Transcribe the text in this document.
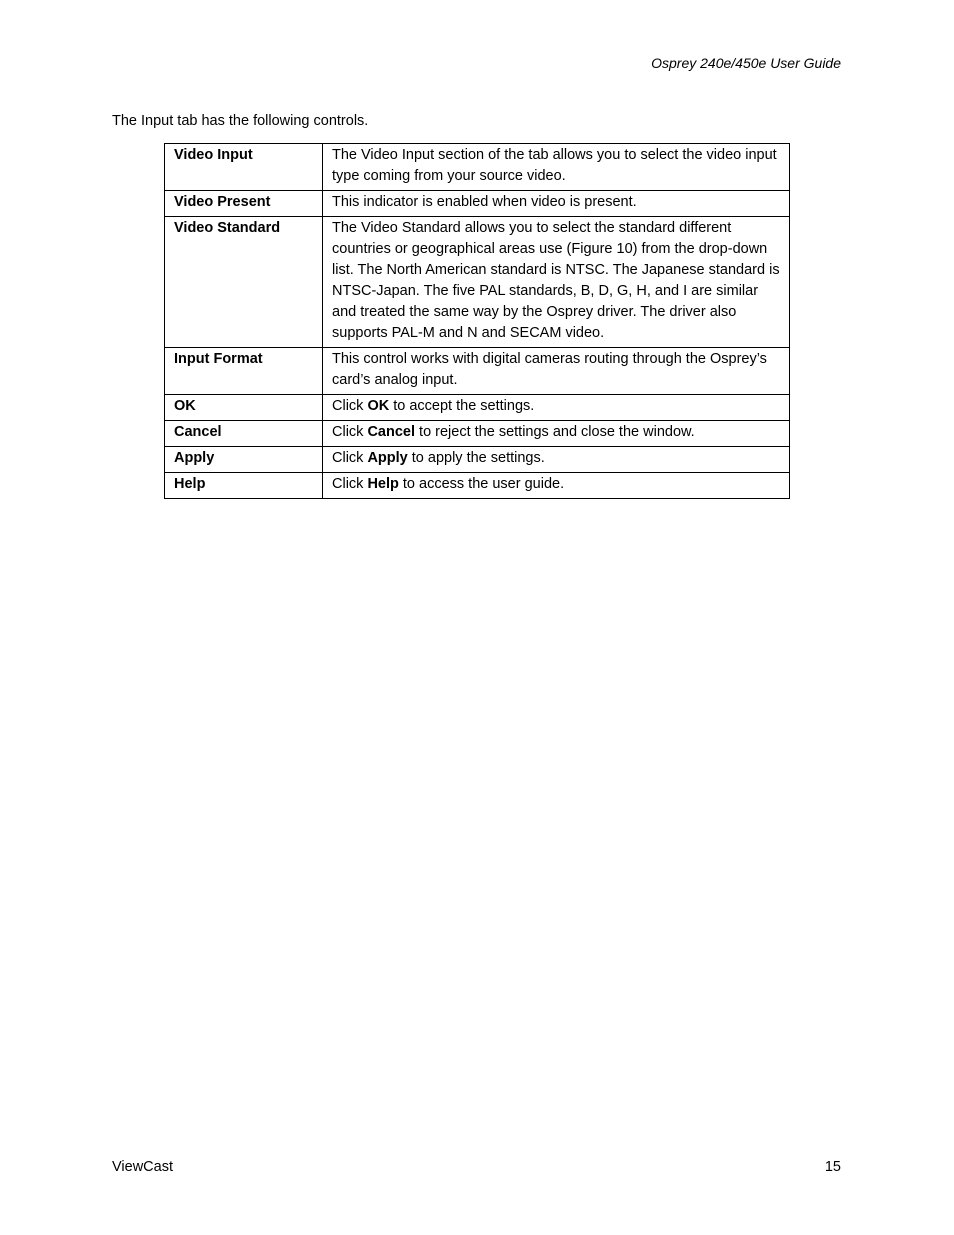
Osprey 240e/450e User Guide
The Input tab has the following controls.
Video Input	The Video Input section of the tab allows you to select the video input type coming from your source video.
Video Present	This indicator is enabled when video is present.
Video Standard	The Video Standard allows you to select the standard different countries or geographical areas use (Figure 10) from the drop-down list. The North American standard is NTSC. The Japanese standard is NTSC-Japan. The five PAL standards, B, D, G, H, and I are similar and treated the same way by the Osprey driver. The driver also supports PAL-M and N and SECAM video.
Input Format	This control works with digital cameras routing through the Osprey’s card’s analog input.
OK	Click OK to accept the settings.
Cancel	Click Cancel to reject the settings and close the window.
Apply	Click Apply to apply the settings.
Help	Click Help to access the user guide.
ViewCast	15
